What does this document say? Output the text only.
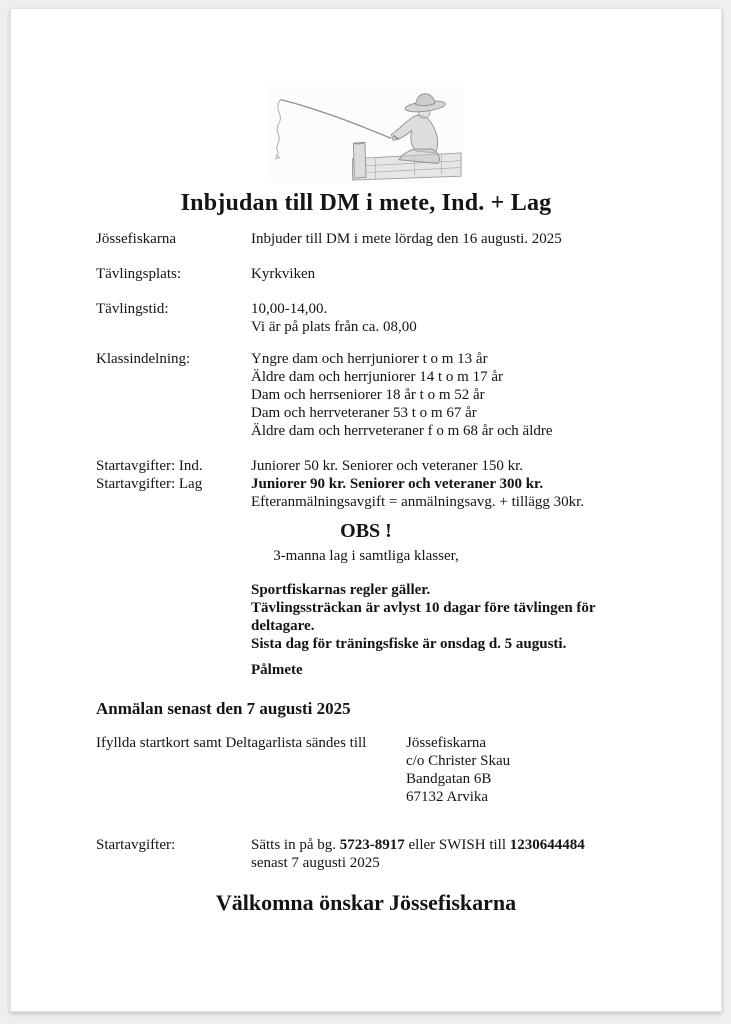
Inbjudan till DM i mete, Ind. + Lag
Jössefiskarna	Inbjuder till DM i mete lördag den 16 augusti. 2025
Tävlingsplats:	Kyrkviken
Tävlingstid:	10,00-14,00.
Vi är på plats från ca. 08,00
Klassindelning:	Yngre dam och herrjuniorer t o m 13 år
Äldre dam och herrjuniorer 14 t o m 17 år
Dam och herrseniorer 18 år t o m 52 år
Dam och herrveteraner 53 t o m 67 år
Äldre dam och herrveteraner f o m 68 år och äldre
Startavgifter: Ind.	Juniorer 50 kr. Seniorer och veteraner 150 kr.
Startavgifter: Lag	Juniorer 90 kr. Seniorer och veteraner 300 kr.
Efteranmälningsavgift = anmälningsavg. + tillägg 30kr.
OBS !
3-manna lag i samtliga klasser,
Sportfiskarnas regler gäller.
Tävlingssträckan är avlyst 10 dagar före tävlingen för deltagare.
Sista dag för träningsfiske är onsdag d. 5 augusti.
Pålmete
Anmälan senast den 7 augusti 2025
Ifyllda startkort samt Deltagarlista sändes till	Jössefiskarna
c/o Christer Skau
Bandgatan 6B
67132 Arvika
Startavgifter:	Sätts in på bg. 5723-8917 eller SWISH till 1230644484
senast 7 augusti 2025
Välkomna önskar Jössefiskarna
